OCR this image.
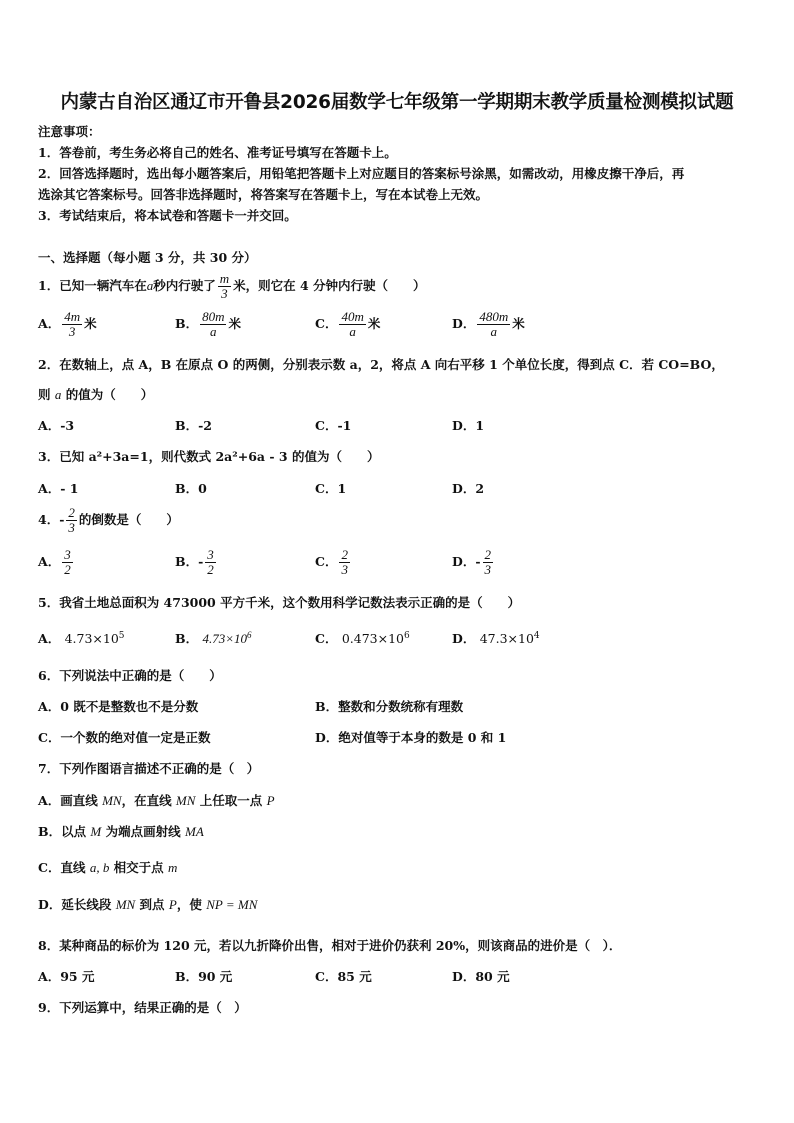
内蒙古自治区通辽市开鲁县2026届数学七年级第一学期期末教学质量检测模拟试题
注意事项：
1．答卷前，考生务必将自己的姓名、准考证号填写在答题卡上。
2．回答选择题时，选出每小题答案后，用铅笔把答题卡上对应题目的答案标号涂黑，如需改动，用橡皮擦干净后，再
选涂其它答案标号。回答非选择题时，将答案写在答题卡上，写在本试卷上无效。
3．考试结束后，将本试卷和答题卡一并交回。
一、选择题（每小题 3 分，共 30 分）
1．已知一辆汽车在a秒内行驶了 $\frac{m}{3}$ 米，则它在 4 分钟内行驶（　　）
A． $\frac{4m}{3}$ 米	B． $\frac{80m}{a}$ 米	C． $\frac{40m}{a}$ 米	D． $\frac{480m}{a}$ 米
2．在数轴上，点 A，B 在原点 O 的两侧，分别表示数 a，2，将点 A 向右平移 1 个单位长度，得到点 C．若 CO=BO，
则 a 的值为（　　）
A．-3	B．-2	C．-1	D．1
3．已知 a²+3a=1，则代数式 2a²+6a - 3 的值为（　　）
A．- 1	B．0	C．1	D．2
4．- $\frac{2}{3}$ 的倒数是（　　）
A． $\frac{3}{2}$	B．- $\frac{3}{2}$	C． $\frac{2}{3}$	D．- $\frac{2}{3}$
5．我省土地总面积为 473000 平方千米，这个数用科学记数法表示正确的是（　　）
A． $4.73\times 10^5$	B． $4.73\times 10^6$	C． $0.473\times 10^6$	D． $47.3\times 10^4$
6．下列说法中正确的是（　　）
A．0 既不是整数也不是分数	B．整数和分数统称有理数
C．一个数的绝对值一定是正数	D．绝对值等于本身的数是 0 和 1
7．下列作图语言描述不正确的是（　）
A．画直线 MN，在直线 MN 上任取一点 P
B．以点 M 为端点画射线 MA
C．直线 a, b 相交于点 m
D．延长线段 MN 到点 P，使 NP = MN
8．某种商品的标价为 120 元，若以九折降价出售，相对于进价仍获利 20%，则该商品的进价是（　）．
A．95 元	B．90 元	C．85 元	D．80 元
9．下列运算中，结果正确的是（　）
